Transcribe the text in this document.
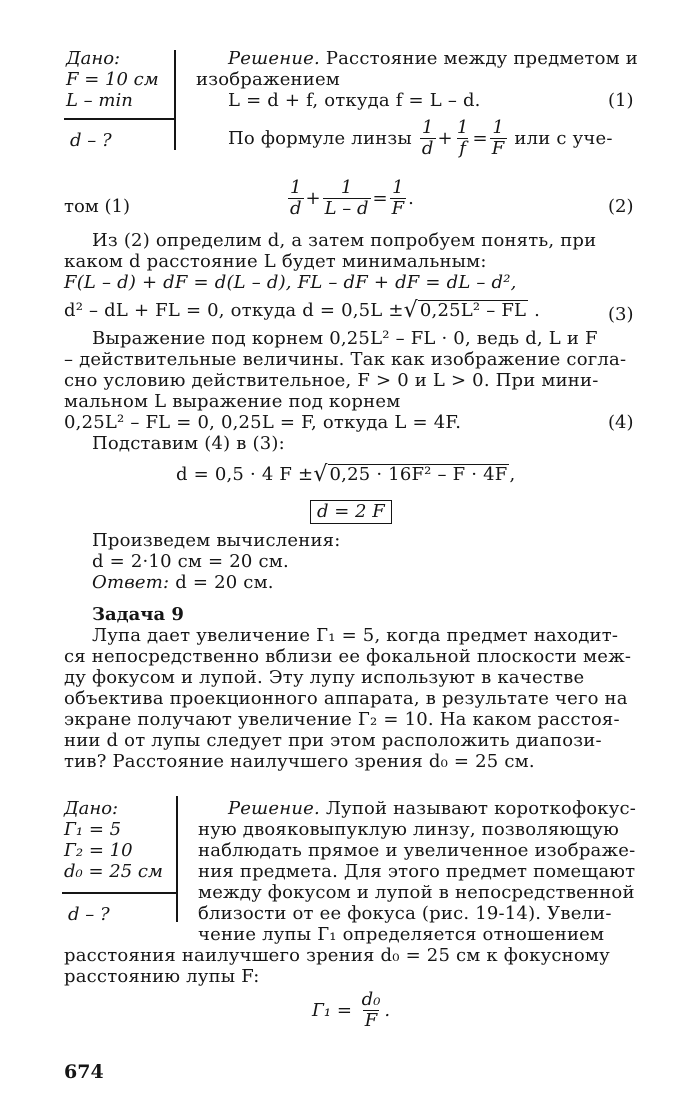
Дано:
F = 10 см
L – min
d – ?
Решение. Расстояние между предметом и
изображением
L = d + f, откуда f = L – d.	(1)
По формуле линзы
$\frac{1}{d} + \frac{1}{f} = \frac{1}{F}$
или с уче-
том (1)	$\frac{1}{d} + \frac{1}{L - d} = \frac{1}{F}$ .	(2)
Из (2) определим d, а затем попробуем понять, при
каком d расстояние L будет минимальным:
F(L – d) + dF = d(L – d), FL – dF + dF = dL – d²,
d² – dL + FL = 0, откуда d = 0,5L ± √ 0,25L² – FL .	(3)
Выражение под корнем 0,25L² – FL · 0, ведь d, L и F
– действительные величины. Так как изображение согла-
сно условию действительное, F > 0 и L > 0. При мини-
мальном L выражение под корнем
0,25L² – FL = 0, 0,25L = F, откуда L = 4F.	(4)
Подставим (4) в (3):
d = 0,5 · 4 F ± √ 0,25 · 16F² – F · 4F ,
d = 2 F
Произведем вычисления:
d = 2·10 см = 20 см.
Ответ: d = 20 см.
Задача 9
Лупа дает увеличение Г₁ = 5, когда предмет находит-
ся непосредственно вблизи ее фокальной плоскости меж-
ду фокусом и лупой. Эту лупу используют в качестве
объектива проекционного аппарата, в результате чего на
экране получают увеличение Г₂ = 10. На каком расстоя-
нии d от лупы следует при этом расположить диапози-
тив? Расстояние наилучшего зрения d₀ = 25 см.
Дано:
Г₁ = 5
Г₂ = 10
d₀ = 25 см
d – ?
Решение. Лупой называют короткофокус-
ную двояковыпуклую линзу, позволяющую
наблюдать прямое и увеличенное изображе-
ния предмета. Для этого предмет помещают
между фокусом и лупой в непосредственной
близости от ее фокуса (рис. 19-14). Увели-
чение лупы Г₁ определяется отношением
расстояния наилучшего зрения d₀ = 25 см к фокусному
расстоянию лупы F:
Г₁ =
$\frac{\text{d₀}}{F}$ .
674
